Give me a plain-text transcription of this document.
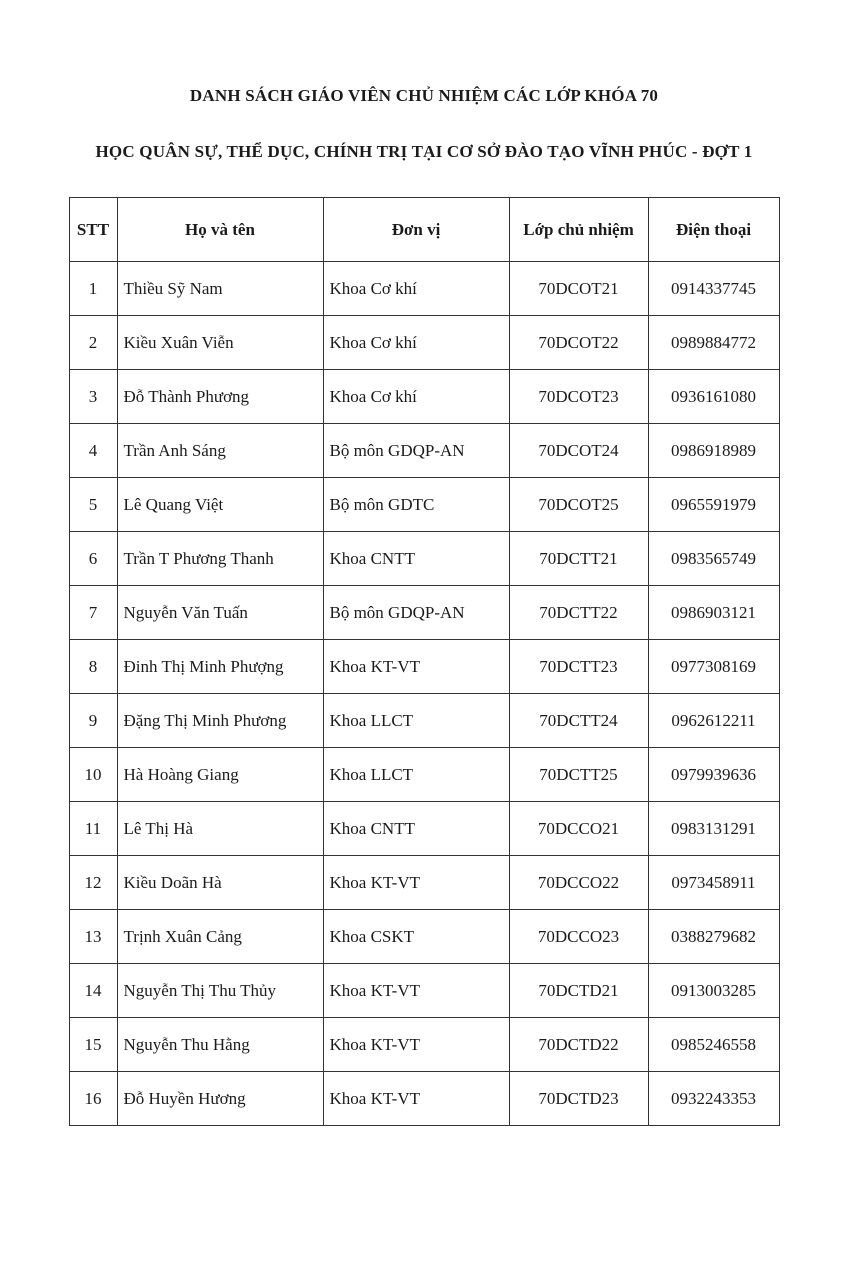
DANH SÁCH GIÁO VIÊN CHỦ NHIỆM CÁC LỚP KHÓA 70
HỌC QUÂN SỰ, THỂ DỤC, CHÍNH TRỊ TẠI CƠ SỞ ĐÀO TẠO VĨNH PHÚC - ĐỢT 1
STT	Họ và tên	Đơn vị	Lớp chủ nhiệm	Điện thoại
1	Thiều Sỹ Nam	Khoa Cơ khí	70DCOT21	0914337745
2	Kiều Xuân Viễn	Khoa Cơ khí	70DCOT22	0989884772
3	Đỗ Thành Phương	Khoa Cơ khí	70DCOT23	0936161080
4	Trần Anh Sáng	Bộ môn GDQP-AN	70DCOT24	0986918989
5	Lê Quang Việt	Bộ môn GDTC	70DCOT25	0965591979
6	Trần T Phương Thanh	Khoa CNTT	70DCTT21	0983565749
7	Nguyễn Văn Tuấn	Bộ môn GDQP-AN	70DCTT22	0986903121
8	Đinh Thị Minh Phượng	Khoa KT-VT	70DCTT23	0977308169
9	Đặng Thị Minh Phương	Khoa LLCT	70DCTT24	0962612211
10	Hà Hoàng Giang	Khoa LLCT	70DCTT25	0979939636
11	Lê Thị Hà	Khoa CNTT	70DCCO21	0983131291
12	Kiều Doãn Hà	Khoa KT-VT	70DCCO22	0973458911
13	Trịnh Xuân Cảng	Khoa CSKT	70DCCO23	0388279682
14	Nguyễn Thị Thu Thủy	Khoa KT-VT	70DCTD21	0913003285
15	Nguyễn Thu Hằng	Khoa KT-VT	70DCTD22	0985246558
16	Đỗ Huyền Hương	Khoa KT-VT	70DCTD23	0932243353
